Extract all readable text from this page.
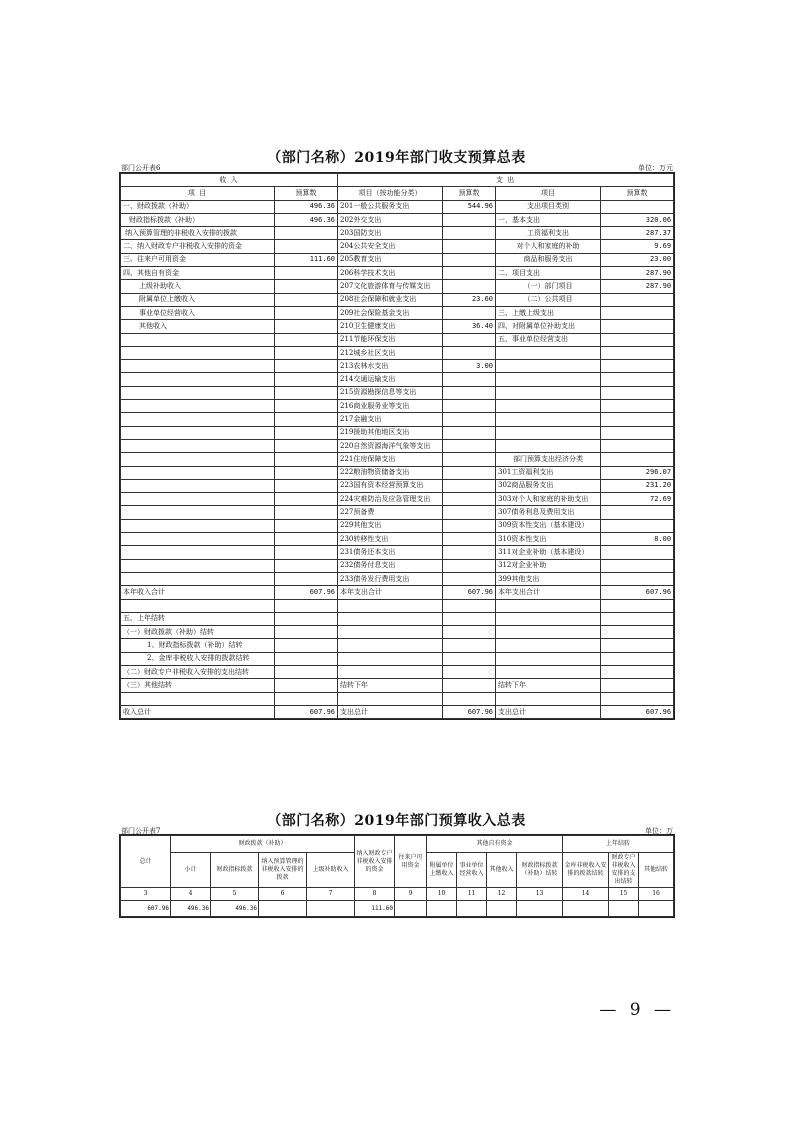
（部门名称）2019年部门收支预算总表
部门公开表6	单位：万元
收 入		支 出			
项 目	预算数	项目（按功能分类）	预算数	项目	预算数
一、财政拨款（补助）	496.36	201一般公共服务支出	544.96	支出项目类别	
财政指标拨款（补助）	496.36	202外交支出		一、基本支出	320.06
纳入预算管理的非税收入安排的拨款		203国防支出		工资福利支出	287.37
二、纳入财政专户非税收入安排的资金		204公共安全支出		对个人和家庭的补助	9.69
三、往来户可用资金	111.60	205教育支出		商品和服务支出	23.00
四、其他自有资金		206科学技术支出		二、项目支出	287.90
上级补助收入		207文化旅游体育与传媒支出		（一）部门项目	287.90
附属单位上缴收入		208社会保障和就业支出	23.60	（二）公共项目	
事业单位经营收入		209社会保险基金支出		三、上缴上级支出	
其他收入		210卫生健康支出	36.40	四、对附属单位补助支出	
		211节能环保支出		五、事业单位经营支出	
		212城乡社区支出			
		213农林水支出	3.00		
		214交通运输支出			
		215资源勘探信息等支出			
		216商业服务业等支出			
		217金融支出			
		219援助其他地区支出			
		220自然资源海洋气象等支出			
		221住房保障支出		部门预算支出经济分类	
		222粮油物资储备支出		301工资福利支出	296.07
		223国有资本经营预算支出		302商品服务支出	231.20
		224灾难防治及应急管理支出		303对个人和家庭的补助支出	72.69
		227预备费		307债务利息及费用支出	
		229其他支出		309资本性支出（基本建设）	
		230转移性支出		310资本性支出	8.00
		231债务还本支出		311对企业补助（基本建设）	
		232债务付息支出		312对企业补助	
		233债务发行费用支出		399其他支出	
本年收入合计	607.96	本年支出合计	607.96	本年支出合计	607.96

五、上年结转					
（一）财政拨款（补助）结转					
1、财政指标拨款（补助）结转					
2、金库非税收入安排的拨款结转					
（二）财政专户非税收入安排的支出结转					
（三）其他结转		结转下年		结转下年	

收入总计	607.96	支出总计	607.96	支出总计	607.96
（部门名称）2019年部门预算收入总表
部门公开表7	单位：万
总计	财政拨款（补助）				纳入财政专户非税收入安排的资金	往来户可用资金	其他自有资金				上年结转		
	小计	财政指标拨款	纳入预算管理的非税收入安排的拨款	上级补助收入			附属单位上缴收入	事业单位经营收入	其他收入	财政指标拨款（补助）结转	金库非税收入安排的拨款结转	财政专户非税收入安排的支出结转	其他结转
3	4	5	6	7	8	9	10	11	12	13	14	15	16
607.96	496.36	496.36			111.60								
— 9 —
